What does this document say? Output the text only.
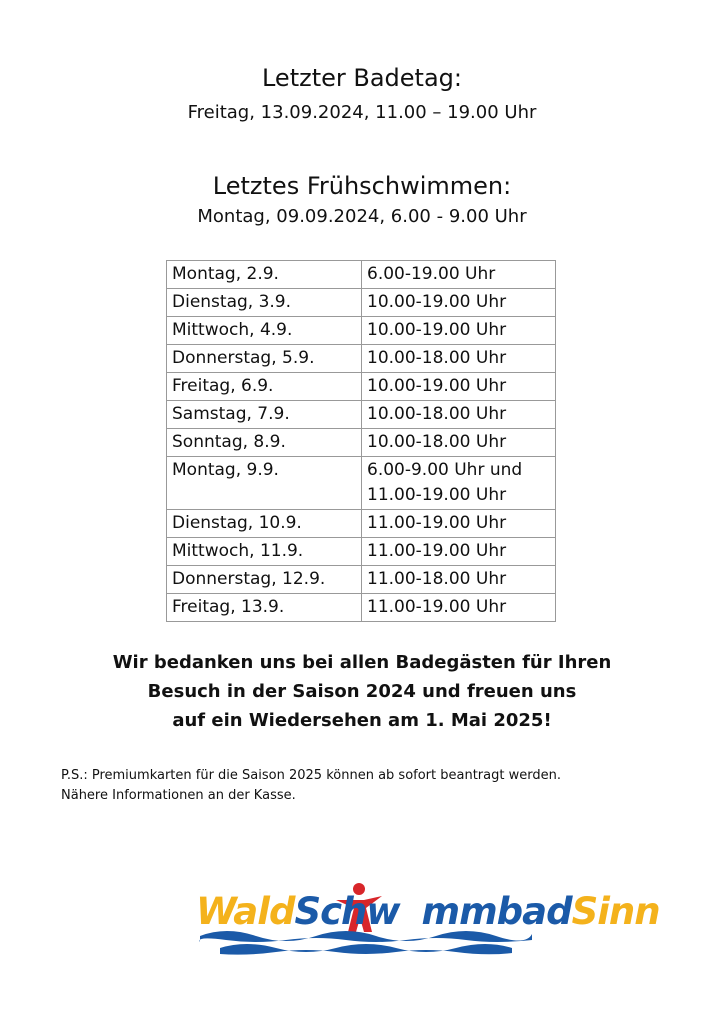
Letzter Badetag:
Freitag, 13.09.2024, 11.00 – 19.00 Uhr
Letztes Frühschwimmen:
Montag, 09.09.2024, 6.00 - 9.00 Uhr
Montag, 2.9.	6.00-19.00 Uhr
Dienstag, 3.9.	10.00-19.00 Uhr
Mittwoch, 4.9.	10.00-19.00 Uhr
Donnerstag, 5.9.	10.00-18.00 Uhr
Freitag, 6.9.	10.00-19.00 Uhr
Samstag, 7.9.	10.00-18.00 Uhr
Sonntag, 8.9.	10.00-18.00 Uhr
Montag, 9.9.	6.00-9.00 Uhr und
11.00-19.00 Uhr

Dienstag, 10.9.	11.00-19.00 Uhr
Mittwoch, 11.9.	11.00-19.00 Uhr
Donnerstag, 12.9.	11.00-18.00 Uhr
Freitag, 13.9.	11.00-19.00 Uhr
Wir bedanken uns bei allen Badegästen für Ihren
Besuch in der Saison 2024 und freuen uns
auf ein Wiedersehen am 1. Mai 2025!
P.S.: Premiumkarten für die Saison 2025 können ab sofort beantragt werden.
Nähere Informationen an der Kasse.
WaldSchw mmbadSinn
